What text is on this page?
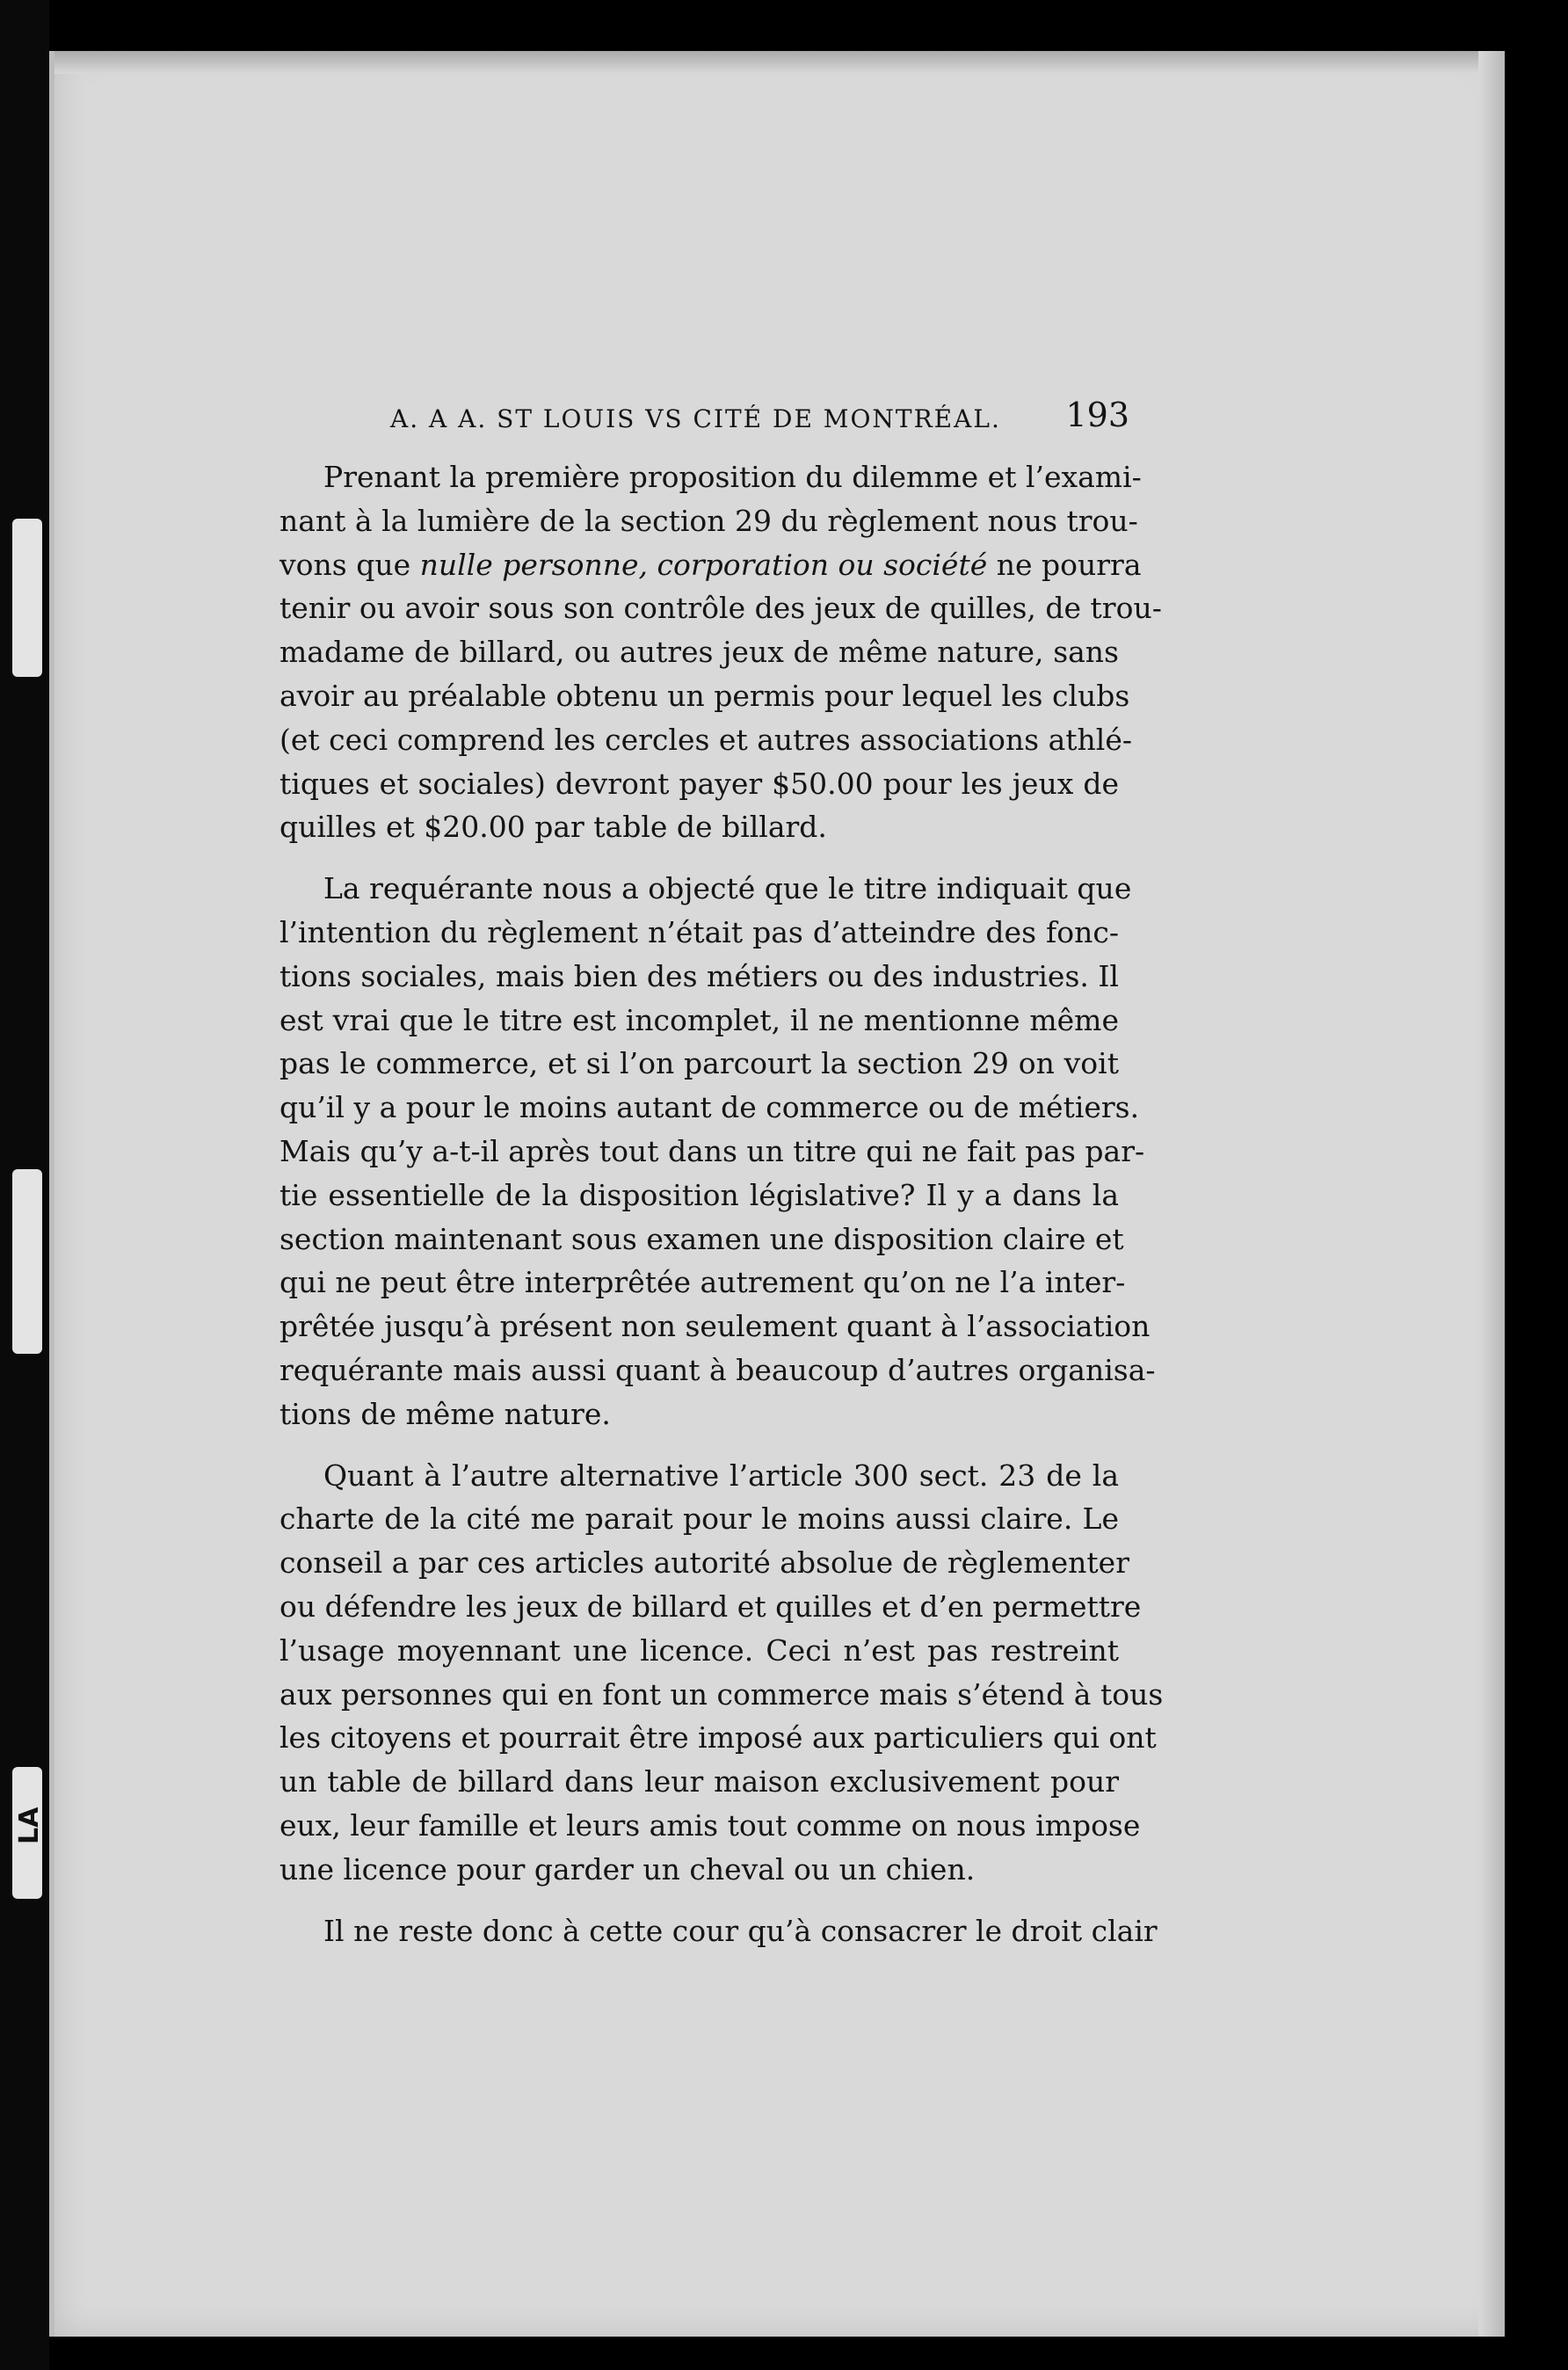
LA
A. A A. ST LOUIS VS CITÉ DE MONTRÉAL. 193

Prenant la première proposition du dilemme et l’exami-
nant à la lumière de la section 29 du règlement nous trou-
vons que nulle personne, corporation ou société ne pourra
tenir ou avoir sous son contrôle des jeux de quilles, de trou-
madame de billard, ou autres jeux de même nature, sans
avoir au préalable obtenu un permis pour lequel les clubs
(et ceci comprend les cercles et autres associations athlé-
tiques et sociales) devront payer $50.00 pour les jeux de
quilles et $20.00 par table de billard.

La requérante nous a objecté que le titre indiquait que
l’intention du règlement n’était pas d’atteindre des fonc-
tions sociales, mais bien des métiers ou des industries. Il
est vrai que le titre est incomplet, il ne mentionne même
pas le commerce, et si l’on parcourt la section 29 on voit
qu’il y a pour le moins autant de commerce ou de métiers.
Mais qu’y a-t-il après tout dans un titre qui ne fait pas par-
tie essentielle de la disposition législative? Il y a dans la
section maintenant sous examen une disposition claire et
qui ne peut être interprêtée autrement qu’on ne l’a inter-
prêtée jusqu’à présent non seulement quant à l’association
requérante mais aussi quant à beaucoup d’autres organisa-
tions de même nature.

Quant à l’autre alternative l’article 300 sect. 23 de la
charte de la cité me parait pour le moins aussi claire. Le
conseil a par ces articles autorité absolue de règlementer
ou défendre les jeux de billard et quilles et d’en permettre
l’usage moyennant une licence. Ceci n’est pas restreint
aux personnes qui en font un commerce mais s’étend à tous
les citoyens et pourrait être imposé aux particuliers qui ont
un table de billard dans leur maison exclusivement pour
eux, leur famille et leurs amis tout comme on nous impose
une licence pour garder un cheval ou un chien.

Il ne reste donc à cette cour qu’à consacrer le droit clair
